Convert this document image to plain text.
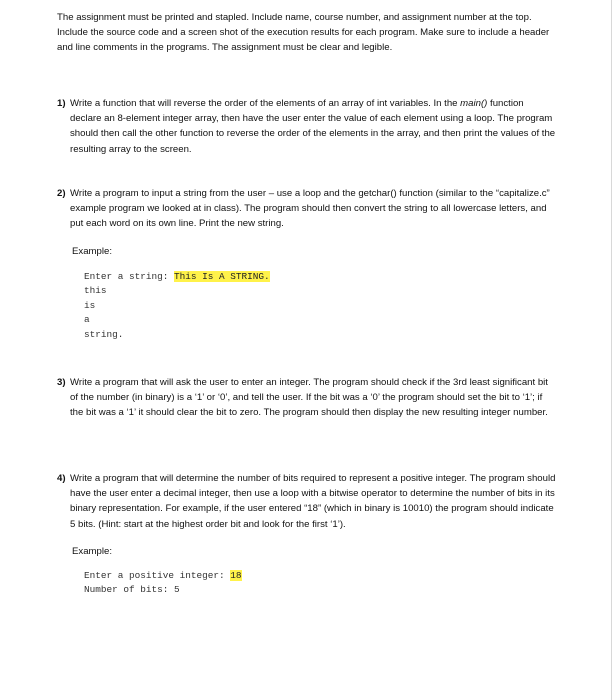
The assignment must be printed and stapled. Include name, course number, and assignment number at the top. Include the source code and a screen shot of the execution results for each program. Make sure to include a header and line comments in the programs. The assignment must be clear and legible.

1) Write a function that will reverse the order of the elements of an array of int variables. In the main() function declare an 8-element integer array, then have the user enter the value of each element using a loop. The program should then call the other function to reverse the order of the elements in the array, and then print the values of the resulting array to the screen.
2) Write a program to input a string from the user – use a loop and the getchar() function (similar to the “capitalize.c” example program we looked at in class). The program should then convert the string to all lowercase letters, and put each word on its own line. Print the new string.
Example:
Enter a string: This Is A STRING.
this
is
a
string.
3) Write a program that will ask the user to enter an integer. The program should check if the 3rd least significant bit of the number (in binary) is a ‘1’ or ‘0’, and tell the user. If the bit was a ‘0’ the program should set the bit to ‘1’; if the bit was a ‘1’ it should clear the bit to zero. The program should then display the new resulting integer number.
4) Write a program that will determine the number of bits required to represent a positive integer. The program should have the user enter a decimal integer, then use a loop with a bitwise operator to determine the number of bits in its binary representation. For example, if the user entered “18” (which in binary is 10010) the program should indicate 5 bits. (Hint: start at the highest order bit and look for the first ‘1’).
Example:
Enter a positive integer: 18
Number of bits: 5
